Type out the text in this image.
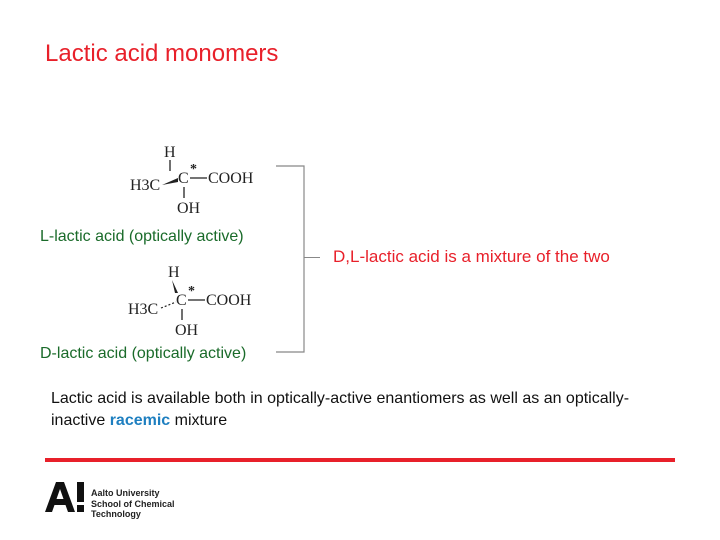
Lactic acid monomers
H
H3C C
*
COOH
OH
L-lactic acid (optically active)
H
H3C
C
*
COOH
OH
D-lactic acid (optically active)
D,L-lactic acid is a mixture of the two
Lactic acid is available both in optically-active enantiomers as well as an optically-inactive racemic mixture
Aalto University
School of Chemical
Technology
